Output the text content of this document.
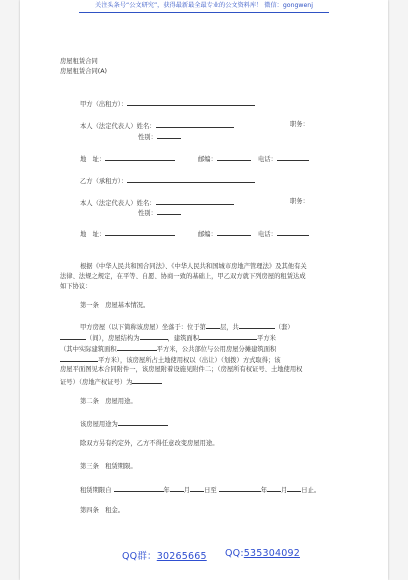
关注头条号“公文研究”，获得最新最全最专业的公文资料库！ 微信：gongwenj
房屋租赁合同
房屋租赁合同(A)
甲方（出租方）：
本人（法定代表人）姓名：	职务：
性别：
地　址：	邮编：	电话：
乙方（承租方）：
本人（法定代表人）姓名：	职务：
性别：
地　址：	邮编：	电话：
根据《中华人民共和国合同法》、《中华人民共和国城市房地产管理法》及其他有关
法律、法规之规定，在平等、自愿、协商一致的基础上，甲乙双方就下列房屋的租赁达成
如下协议：
第一条　房屋基本情况。
甲方房屋（以下简称该房屋）坐落于：位于第 层，共	（套）
（间），房屋结构为	，建筑面积	平方米
（其中实际建筑面积	平方米，公共部位与公用房屋分摊建筑面积
平方米），该房屋所占土地使用权以（出让）（划拨）方式取得；该
房屋平面图见本合同附件一，该房屋附着设施见附件二；（房屋所有权证号、土地使用权
证号）（房地产权证号）为
第二条　房屋用途。
该房屋用途为
除双方另有约定外，乙方不得任意改变房屋用途。
第三条　租赁期限。
租赁期限自	年 月 日至	年 月 日止。
第四条　租金。
QQ群：30265665 QQ:535304092
